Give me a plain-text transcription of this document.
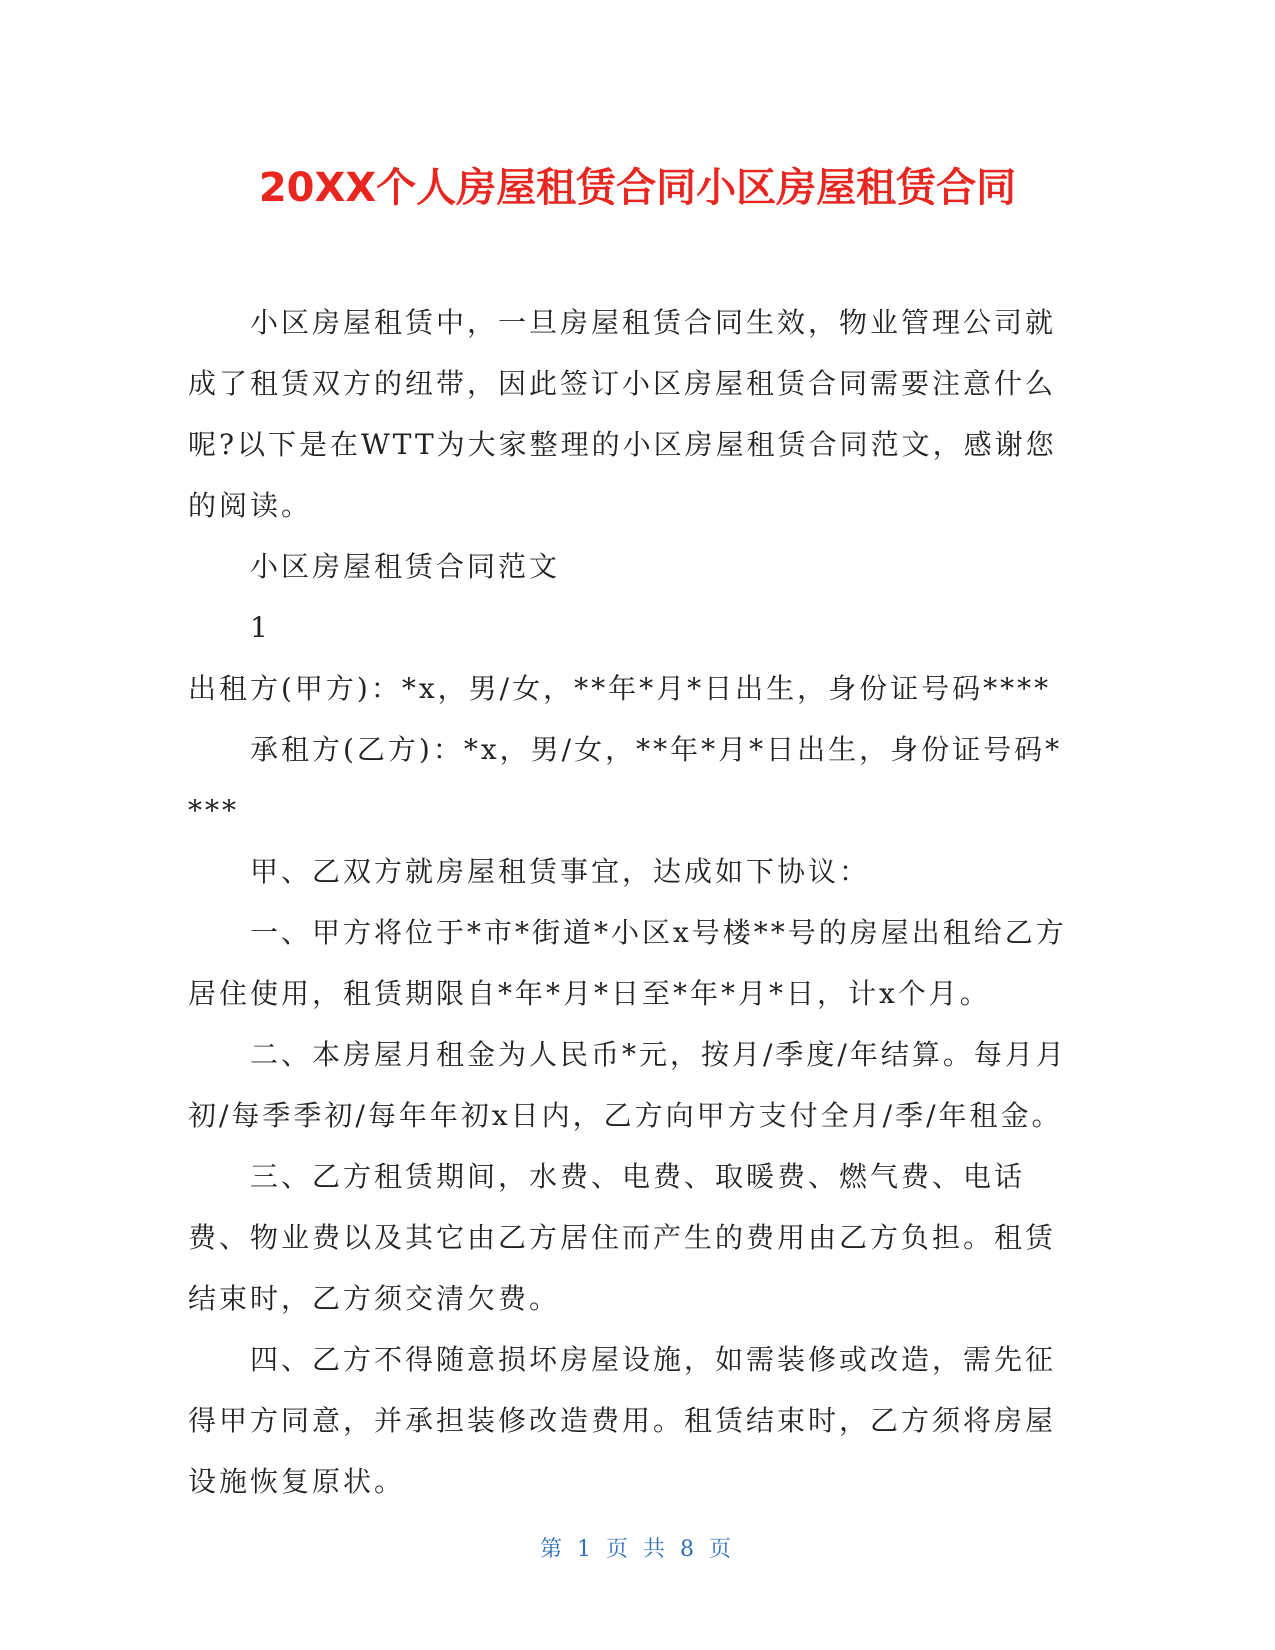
20XX个人房屋租赁合同小区房屋租赁合同

小区房屋租赁中，一旦房屋租赁合同生效，物业管理公司就成了租赁双方的纽带，因此签订小区房屋租赁合同需要注意什么呢?以下是在WTT为大家整理的小区房屋租赁合同范文，感谢您的阅读。

小区房屋租赁合同范文

1

出租方(甲方)：*x，男/女，**年*月*日出生，身份证号码****

承租方(乙方)：*x，男/女，**年*月*日出生，身份证号码****

甲、乙双方就房屋租赁事宜，达成如下协议：

一、甲方将位于*市*街道*小区x号楼**号的房屋出租给乙方居住使用，租赁期限自*年*月*日至*年*月*日，计x个月。

二、本房屋月租金为人民币*元，按月/季度/年结算。每月月初/每季季初/每年年初x日内，乙方向甲方支付全月/季/年租金。

三、乙方租赁期间，水费、电费、取暖费、燃气费、电话费、物业费以及其它由乙方居住而产生的费用由乙方负担。租赁结束时，乙方须交清欠费。

四、乙方不得随意损坏房屋设施，如需装修或改造，需先征得甲方同意，并承担装修改造费用。租赁结束时，乙方须将房屋设施恢复原状。

第 1 页 共 8 页
